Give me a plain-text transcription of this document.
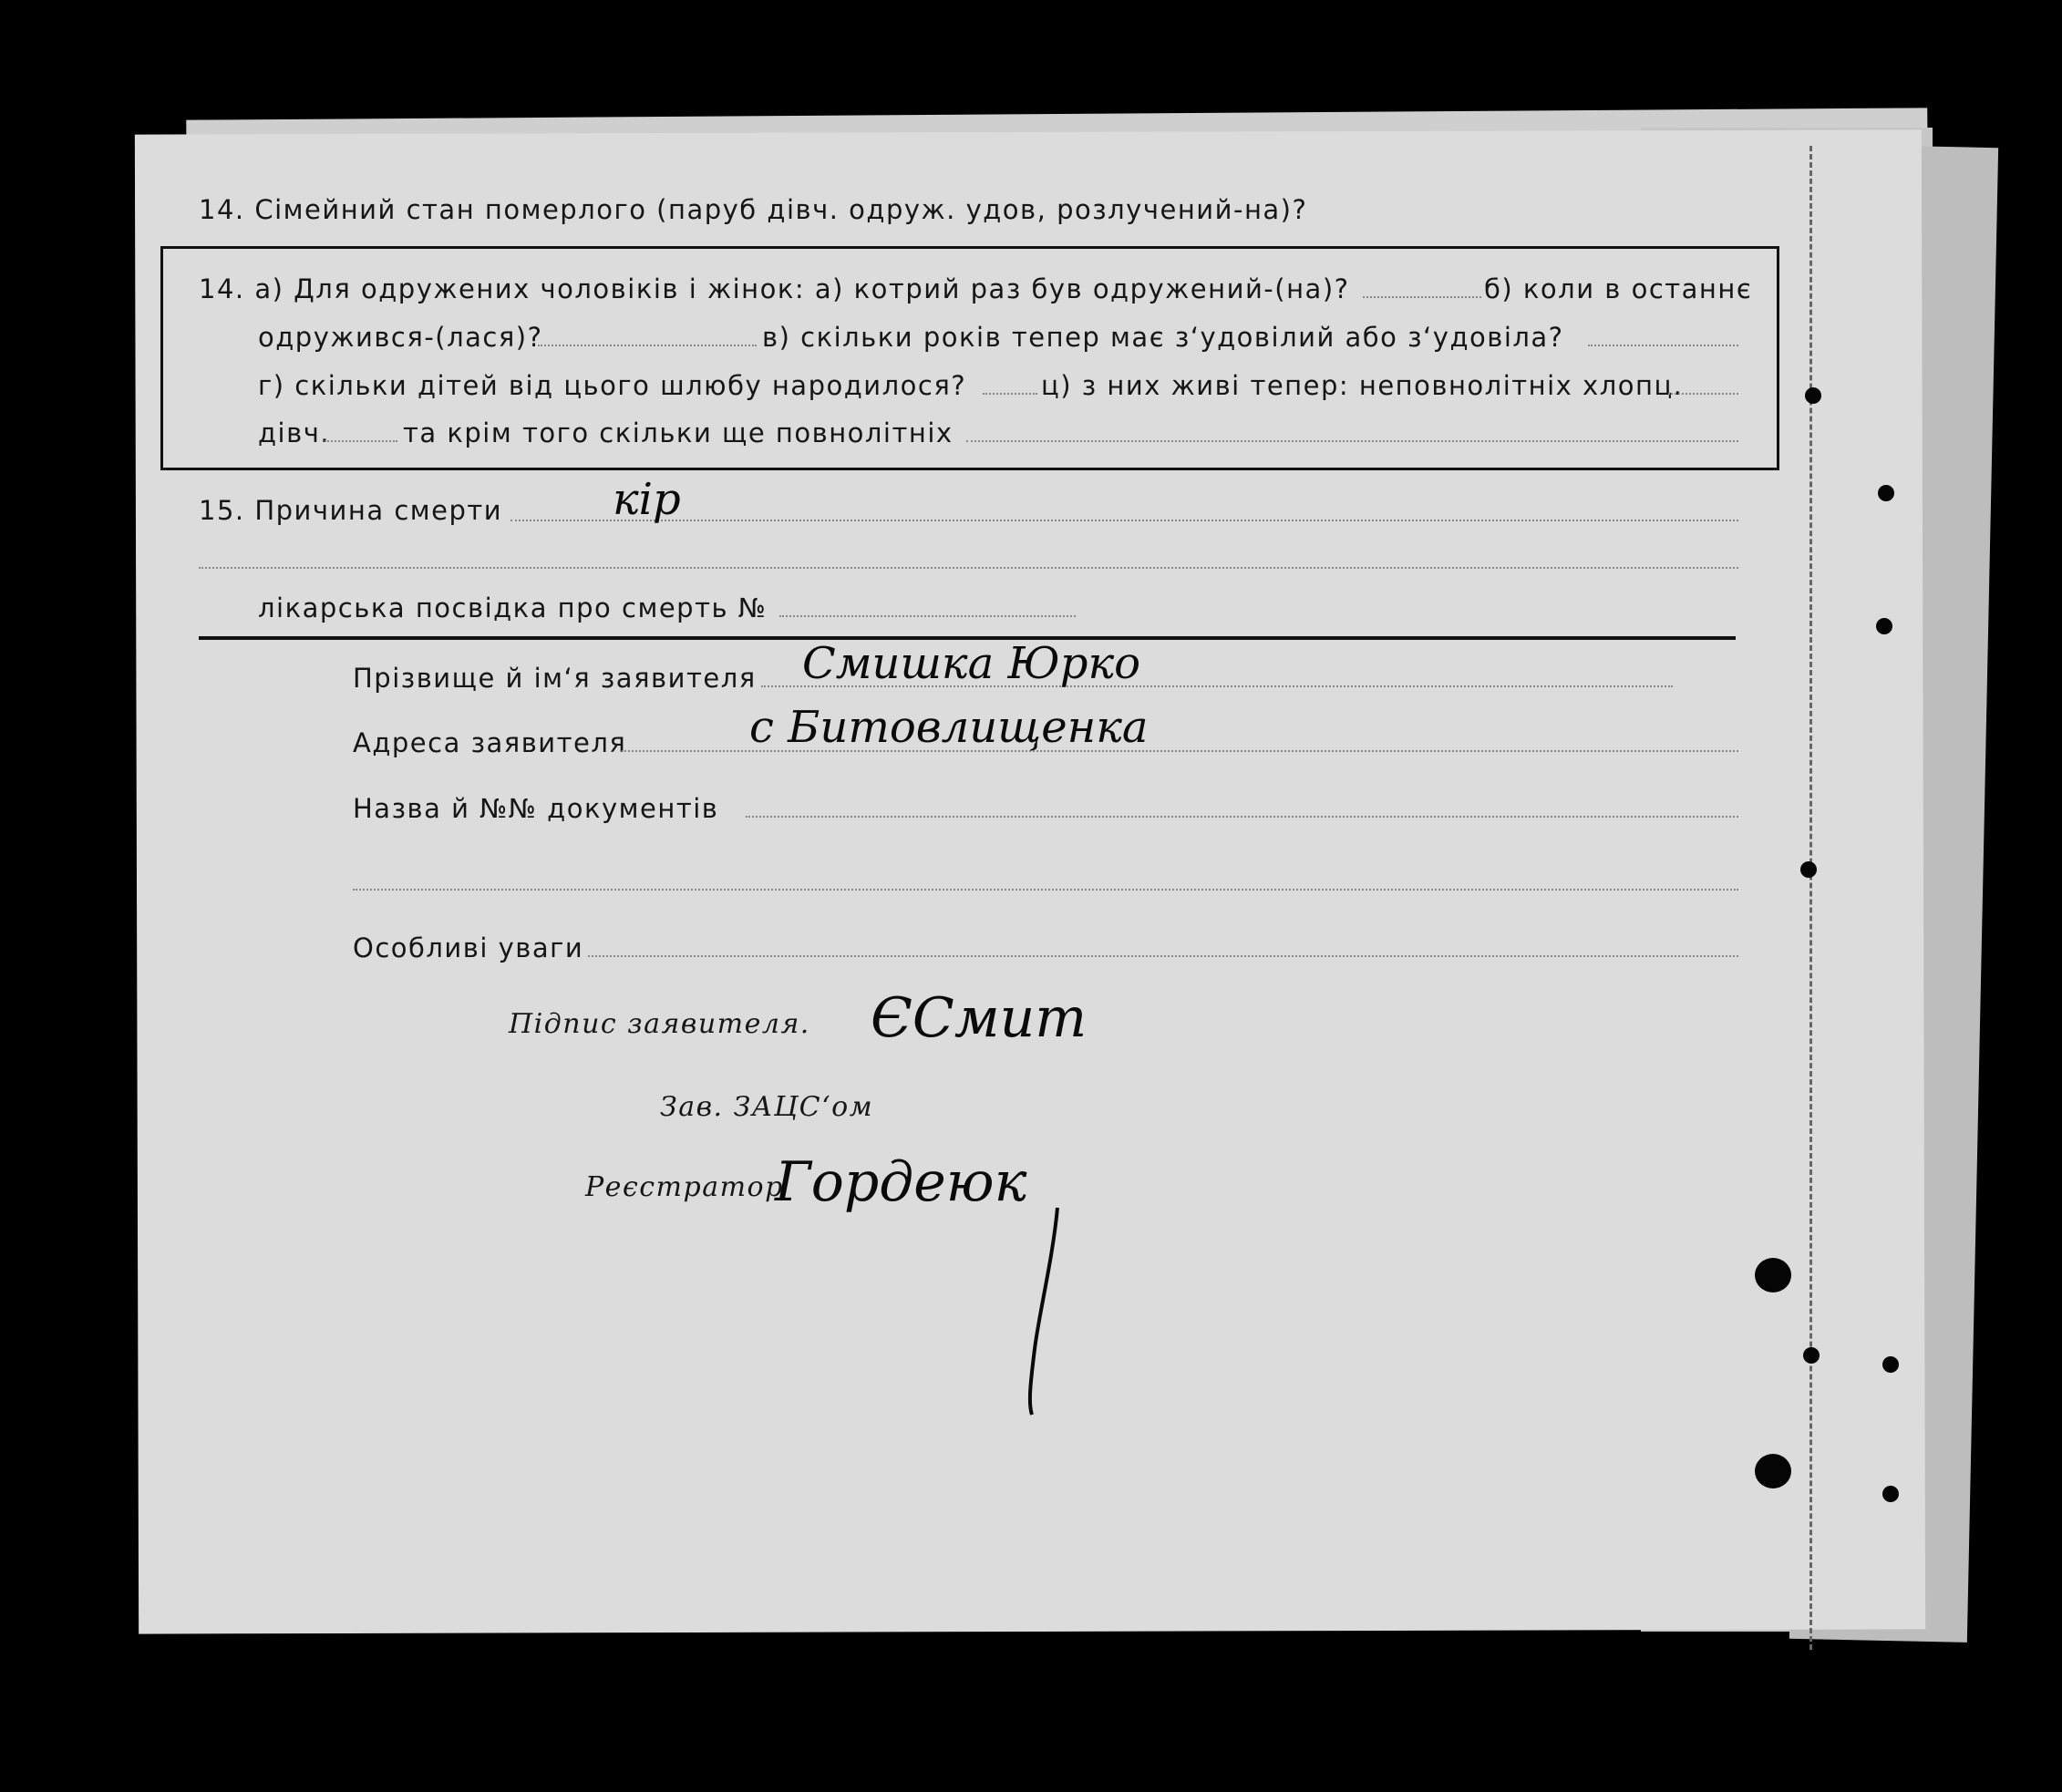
14. Сімейний стан померлого (паруб дівч. одруж. удов, розлучений-на)?
14. а) Для одружених чоловіків і жінок: а) котрий раз був одружений-(на)?	б) коли в останнє
одружився-(лася)?	в) скільки років тепер має з‘удовілий або з‘удовіла?
г) скільки дітей від цього шлюбу народилося?	ц) з них живі тепер: неповнолітніх хлопц.
дівч.	та крім того скільки ще повнолітніх
15. Причина смерти	кір
лікарська посвідка про смерть №
Прізвище й ім‘я заявителя Смишка Юрко
Адреса заявителя	с Битовлищенка
Назва й №№ документів
Особливі уваги
Підпис заявителя. ЄСмит
Зав. ЗАЦС‘ом
Реєстратор
Гордеюк
